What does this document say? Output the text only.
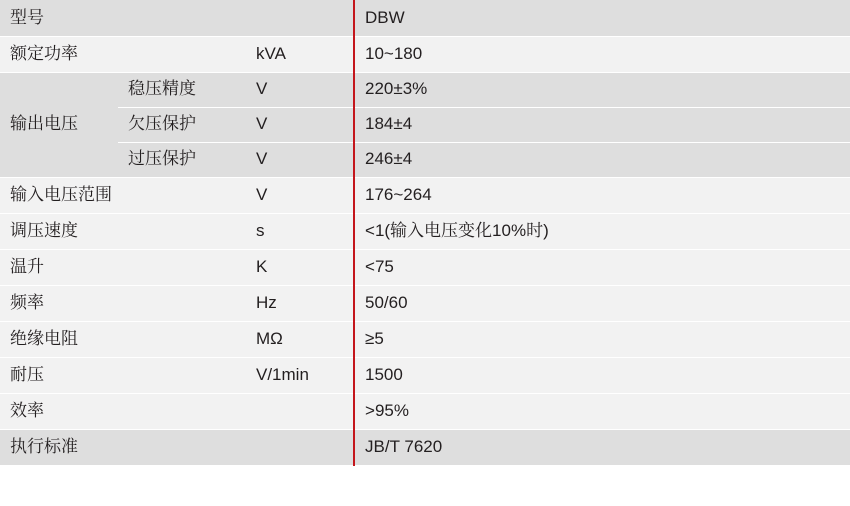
型号			DBW
额定功率		kVA	10~180
输出电压	稳压精度	V	220±3%
	欠压保护	V	184±4
	过压保护	V	246±4
输入电压范围		V	176~264
调压速度		s	<1(输入电压变化10%时)
温升		K	<75
频率		Hz	50/60
绝缘电阻		MΩ	≥5
耐压		V/1min	1500
效率			>95%
执行标准			JB/T 7620
